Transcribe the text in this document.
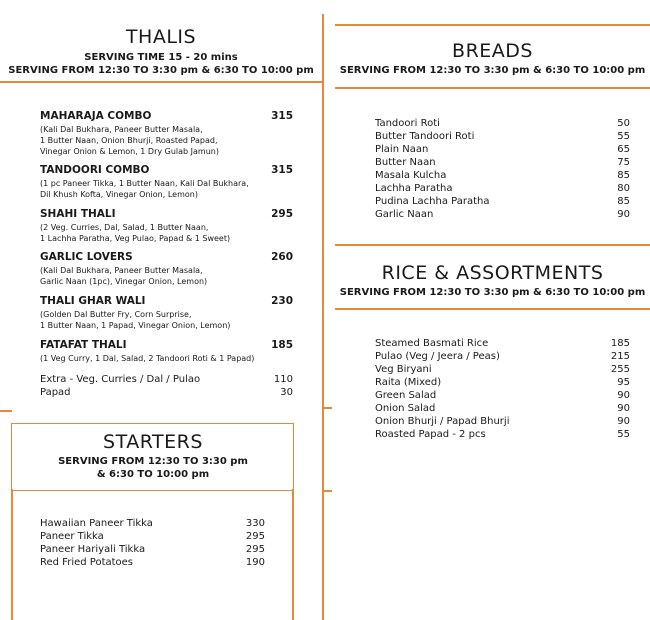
THALIS
SERVING TIME 15 - 20 mins
SERVING FROM 12:30 TO 3:30 pm & 6:30 TO 10:00 pm
MAHARAJA COMBO	315
(Kali Dal Bukhara, Paneer Butter Masala,
1 Butter Naan, Onion Bhurji, Roasted Papad,
Vinegar Onion & Lemon, 1 Dry Gulab Jamun)
TANDOORI COMBO	315
(1 pc Paneer Tikka, 1 Butter Naan, Kali Dal Bukhara,
Dil Khush Kofta, Vinegar Onion, Lemon)
SHAHI THALI	295
(2 Veg. Curries, Dal, Salad, 1 Butter Naan,
1 Lachha Paratha, Veg Pulao, Papad & 1 Sweet)
GARLIC LOVERS	260
(Kali Dal Bukhara, Paneer Butter Masala,
Garlic Naan (1pc), Vinegar Onion, Lemon)
THALI GHAR WALI	230
(Golden Dal Butter Fry, Corn Surprise,
1 Butter Naan, 1 Papad, Vinegar Onion, Lemon)
FATAFAT THALI	185
(1 Veg Curry, 1 Dal, Salad, 2 Tandoori Roti & 1 Papad)
Extra - Veg. Curries / Dal / Pulao	110
Papad	30
STARTERS
SERVING FROM 12:30 TO 3:30 pm
& 6:30 TO 10:00 pm
Hawaiian Paneer Tikka	330
Paneer Tikka	295
Paneer Hariyali Tikka	295
Red Fried Potatoes	190
BREADS
SERVING FROM 12:30 TO 3:30 pm & 6:30 TO 10:00 pm
Tandoori Roti	50
Butter Tandoori Roti	55
Plain Naan	65
Butter Naan	75
Masala Kulcha	85
Lachha Paratha	80
Pudina Lachha Paratha	85
Garlic Naan	90
RICE & ASSORTMENTS
SERVING FROM 12:30 TO 3:30 pm & 6:30 TO 10:00 pm
Steamed Basmati Rice	185
Pulao (Veg / Jeera / Peas)	215
Veg Biryani	255
Raita (Mixed)	95
Green Salad	90
Onion Salad	90
Onion Bhurji / Papad Bhurji	90
Roasted Papad - 2 pcs	55
